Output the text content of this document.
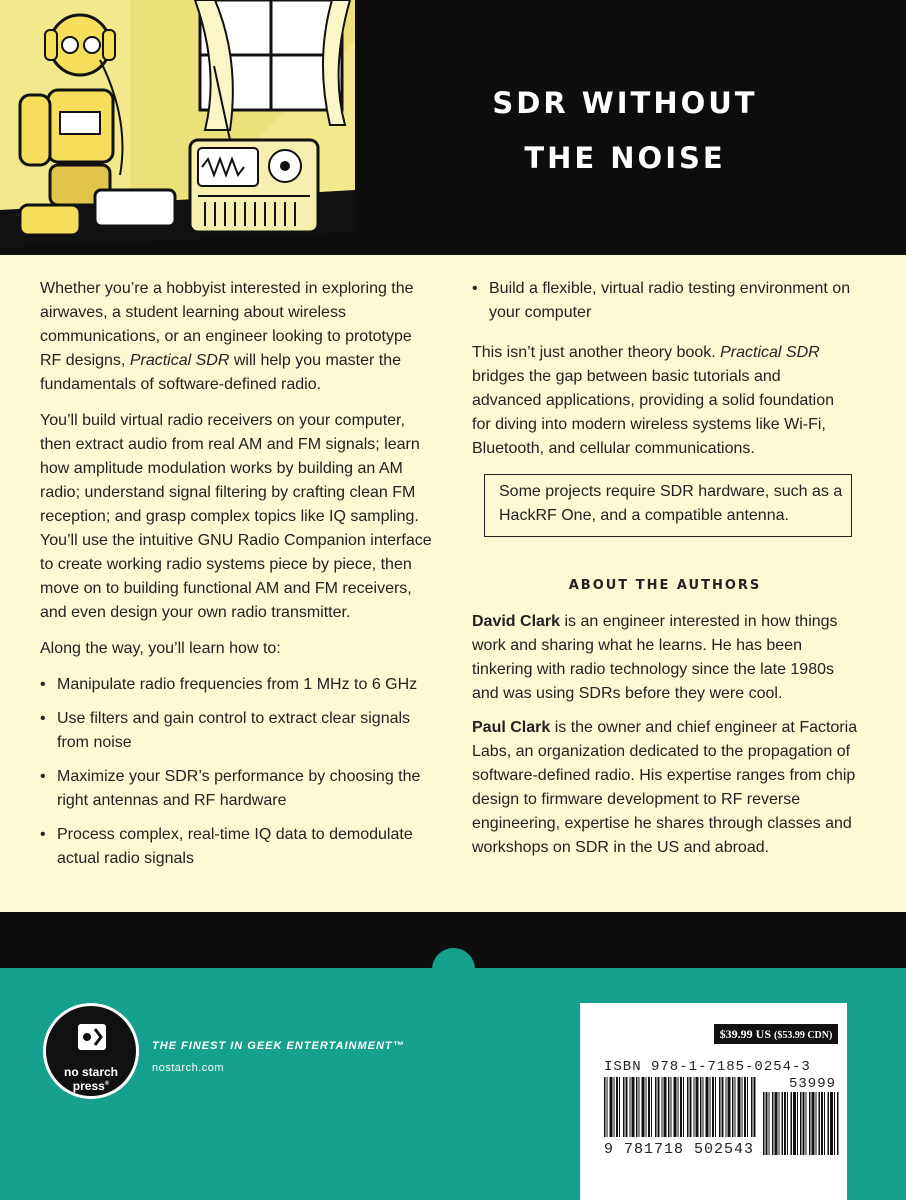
SDR WITHOUT
THE NOISE

Whether you’re a hobbyist interested in exploring the airwaves, a student learning about wireless communications, or an engineer looking to prototype RF designs, Practical SDR will help you master the fundamentals of software-defined radio.

You’ll build virtual radio receivers on your computer, then extract audio from real AM and FM signals; learn how amplitude modulation works by building an AM radio; understand signal filtering by crafting clean FM reception; and grasp complex topics like IQ sampling. You’ll use the intuitive GNU Radio Companion interface to create working radio systems piece by piece, then move on to building functional AM and FM receivers, and even design your own radio transmitter.

Along the way, you’ll learn how to:

• Manipulate radio frequencies from 1 MHz to 6 GHz
• Use filters and gain control to extract clear signals from noise
• Maximize your SDR’s performance by choosing the right antennas and RF hardware
• Process complex, real-time IQ data to demodulate actual radio signals
• Build a flexible, virtual radio testing environment on your computer

This isn’t just another theory book. Practical SDR bridges the gap between basic tutorials and advanced applications, providing a solid foundation for diving into modern wireless systems like Wi-Fi, Bluetooth, and cellular communications.

Some projects require SDR hardware, such as a HackRF One, and a compatible antenna.
ABOUT THE AUTHORS

David Clark is an engineer interested in how things work and sharing what he learns. He has been tinkering with radio technology since the late 1980s and was using SDRs before they were cool.

Paul Clark is the owner and chief engineer at Factoria Labs, an organization dedicated to the propagation of software-defined radio. His expertise ranges from chip design to firmware development to RF reverse engineering, expertise he shares through classes and workshops on SDR in the US and abroad.

no starch
press®
THE FINEST IN GEEK ENTERTAINMENT™
nostarch.com
$39.99 US ($53.99 CDN)
ISBN 978-1-7185-0254-3
53999
9 781718 502543
